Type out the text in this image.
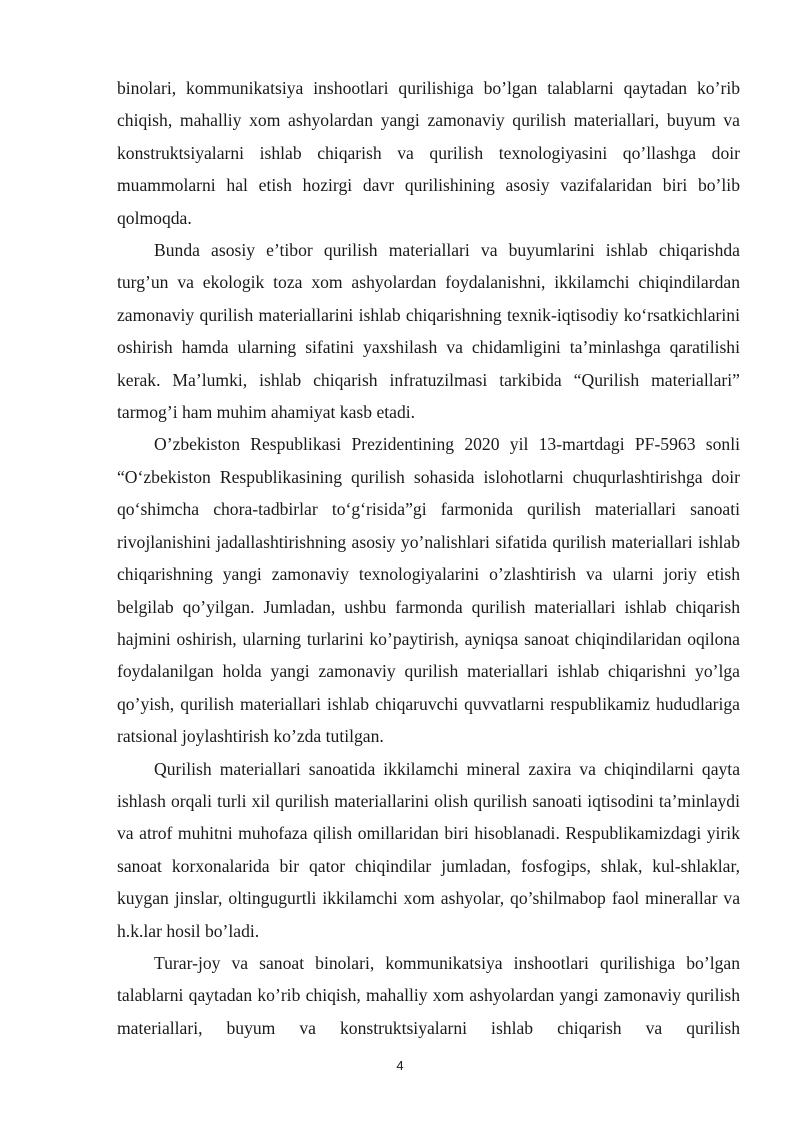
binolari, kommunikatsiya inshootlari qurilishiga bo’lgan talablarni qaytadan ko’rib chiqish, mahalliy xom ashyolardan yangi zamonaviy qurilish materiallari, buyum va konstruktsiyalarni ishlab chiqarish va qurilish texnologiyasini qo’llashga doir muammolarni hal etish hozirgi davr qurilishining asosiy vazifalaridan biri bo’lib qolmoqda.

Bunda asosiy e’tibor qurilish materiallari va buyumlarini ishlab chiqarishda turg’un va ekologik toza xom ashyolardan foydalanishni, ikkilamchi chiqindilardan zamonaviy qurilish materiallarini ishlab chiqarishning texnik-iqtisodiy ko‘rsatkichlarini oshirish hamda ularning sifatini yaxshilash va chidamligini ta’minlashga qaratilishi kerak. Ma’lumki, ishlab chiqarish infratuzilmasi tarkibida “Qurilish materiallari” tarmog’i ham muhim ahamiyat kasb etadi.

O’zbekiston Respublikasi Prezidentining 2020 yil 13-martdagi PF-5963 sonli “O‘zbekiston Respublikasining qurilish sohasida islohotlarni chuqurlashtirishga doir qo‘shimcha chora-tadbirlar to‘g‘risida”gi farmonida qurilish materiallari sanoati rivojlanishini jadallashtirishning asosiy yo’nalishlari sifatida qurilish materiallari ishlab chiqarishning yangi zamonaviy texnologiyalarini o’zlashtirish va ularni joriy etish belgilab qo’yilgan. Jumladan, ushbu farmonda qurilish materiallari ishlab chiqarish hajmini oshirish, ularning turlarini ko’paytirish, ayniqsa sanoat chiqindilaridan oqilona foydalanilgan holda yangi zamonaviy qurilish materiallari ishlab chiqarishni yo’lga qo’yish, qurilish materiallari ishlab chiqaruvchi quvvatlarni respublikamiz hududlariga ratsional joylashtirish ko’zda tutilgan.

Qurilish materiallari sanoatida ikkilamchi mineral zaxira va chiqindilarni qayta ishlash orqali turli xil qurilish materiallarini olish qurilish sanoati iqtisodini ta’minlaydi va atrof muhitni muhofaza qilish omillaridan biri hisoblanadi. Respublikamizdagi yirik sanoat korxonalarida bir qator chiqindilar jumladan, fosfogips, shlak, kul-shlaklar, kuygan jinslar, oltingugurtli ikkilamchi xom ashyolar, qo’shilmabop faol minerallar va h.k.lar hosil bo’ladi.

Turar-joy va sanoat binolari, kommunikatsiya inshootlari qurilishiga bo’lgan talablarni qaytadan ko’rib chiqish, mahalliy xom ashyolardan yangi zamonaviy qurilish materiallari, buyum va konstruktsiyalarni ishlab chiqarish va qurilish

4
